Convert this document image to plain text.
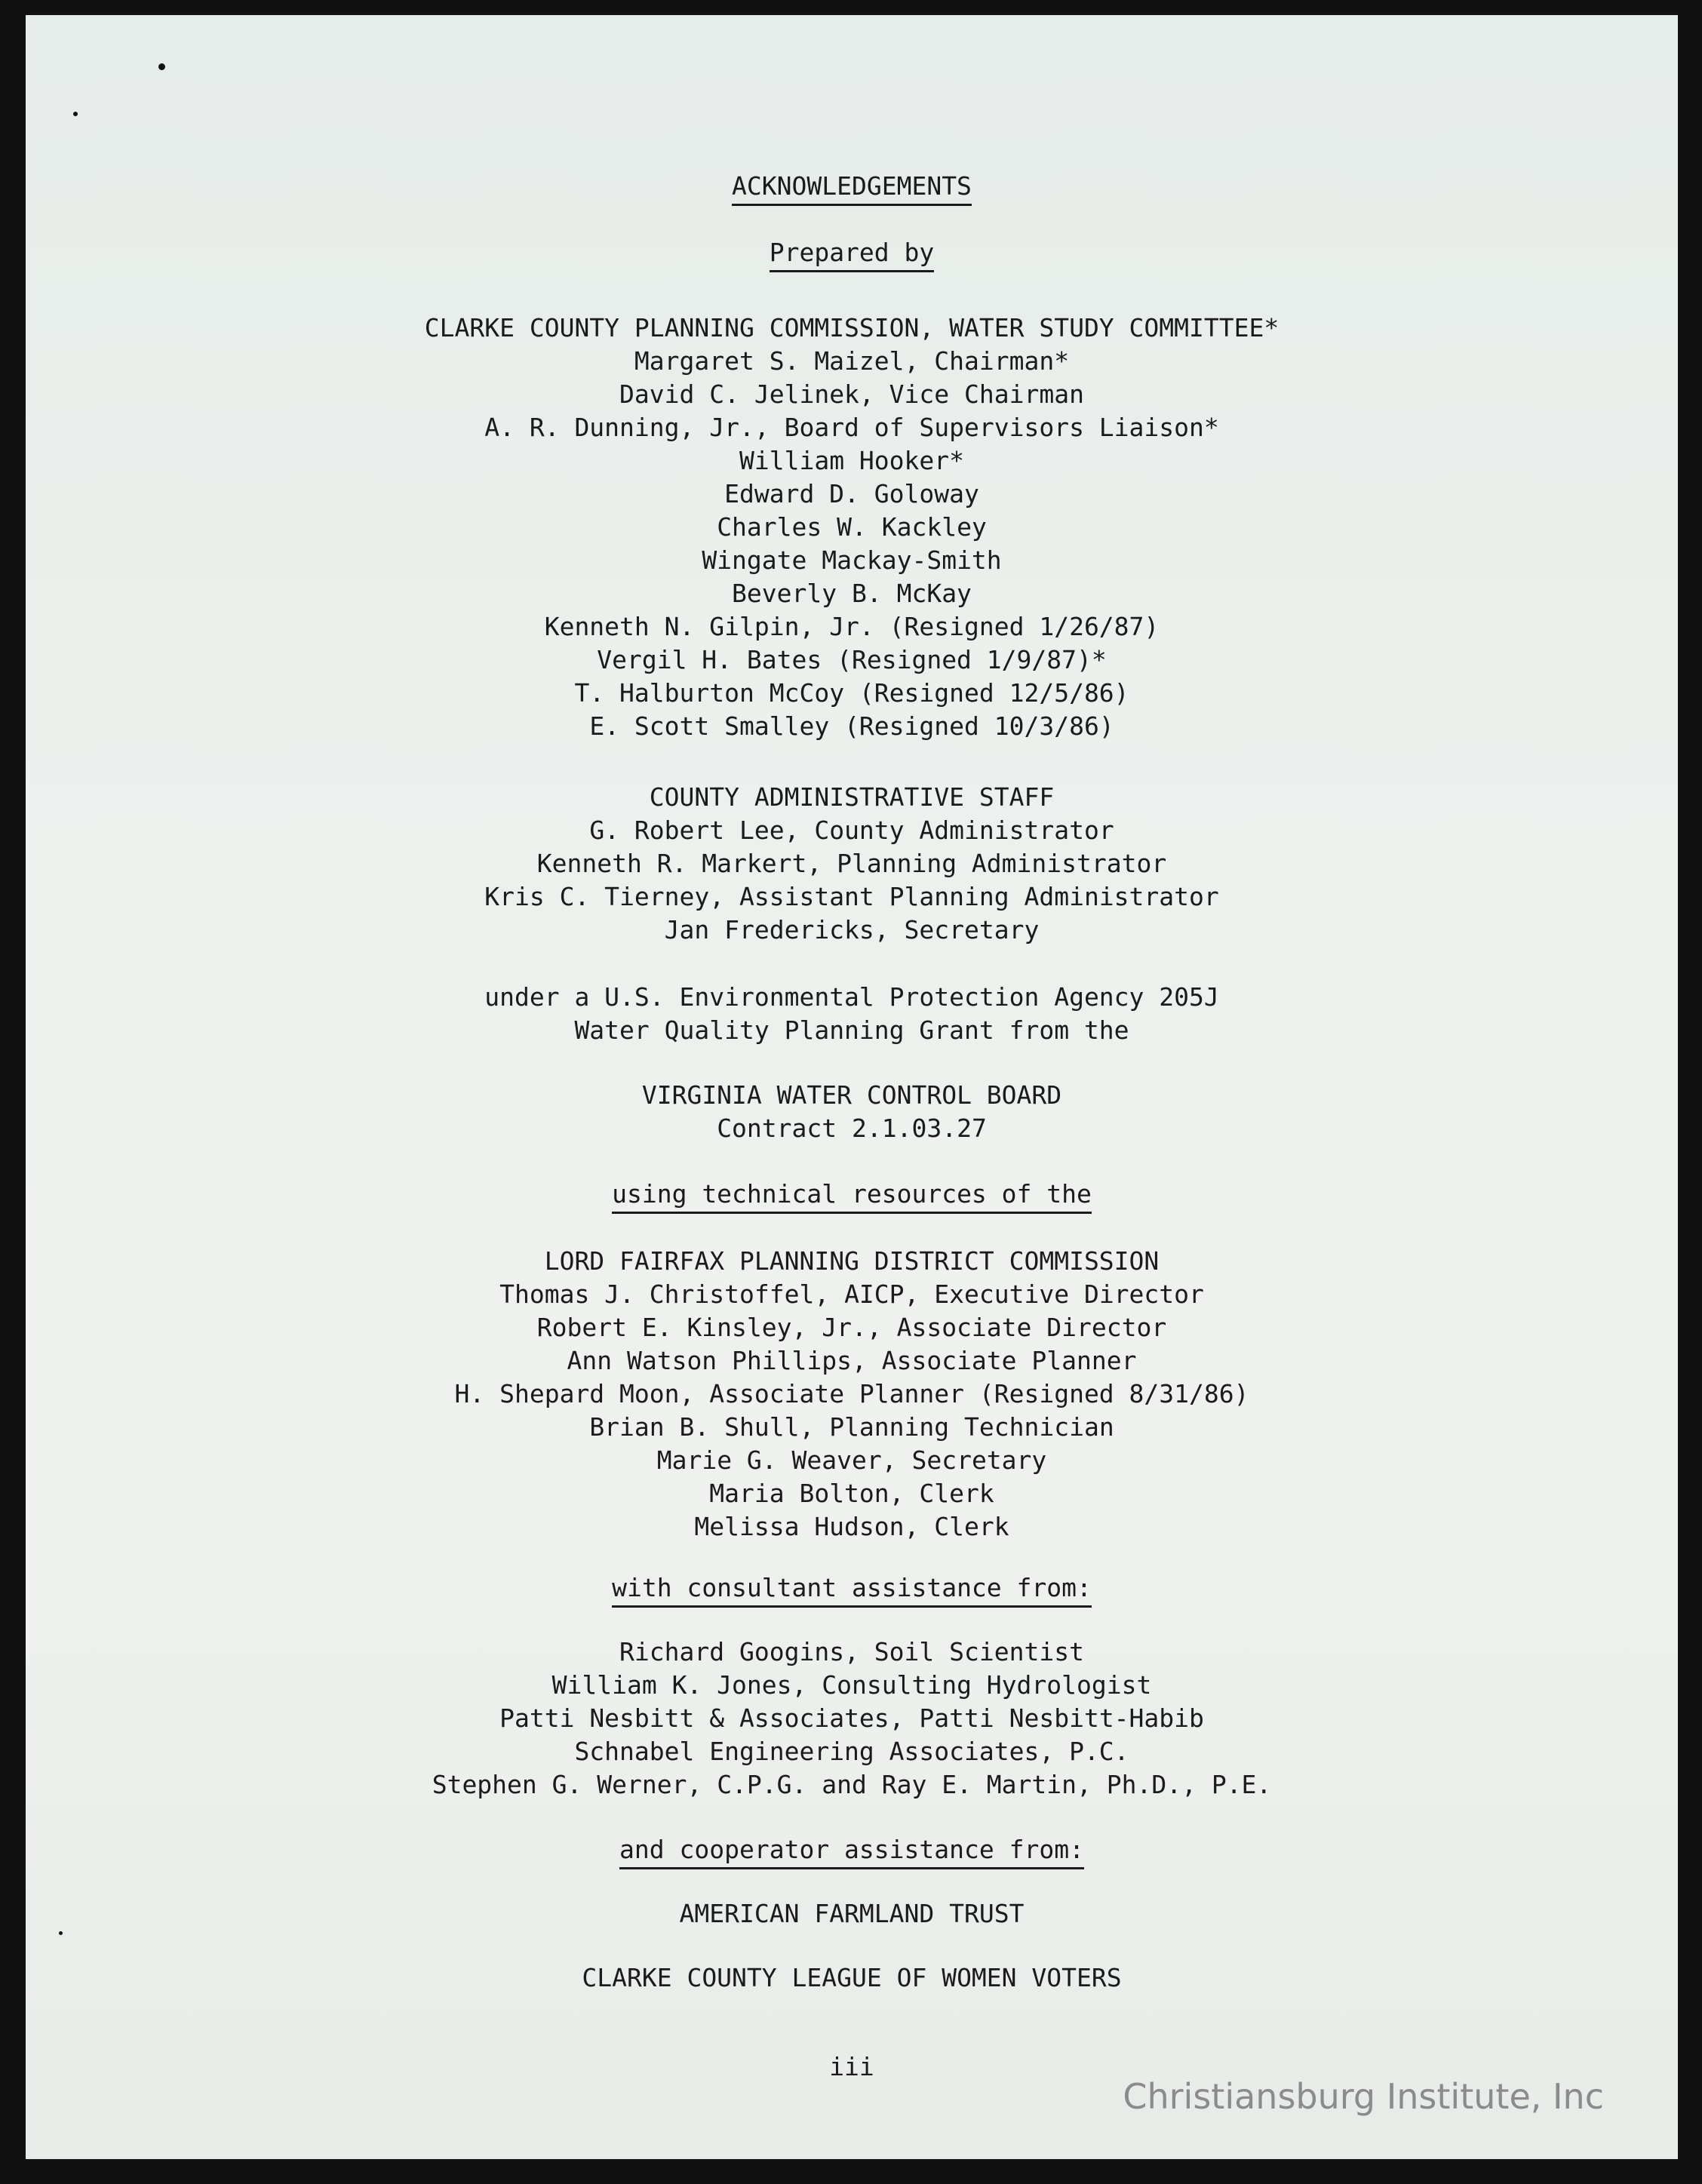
ACKNOWLEDGEMENTS
Prepared by
CLARKE COUNTY PLANNING COMMISSION, WATER STUDY COMMITTEE*
Margaret S. Maizel, Chairman*
David C. Jelinek, Vice Chairman
A. R. Dunning, Jr., Board of Supervisors Liaison*
William Hooker*
Edward D. Goloway
Charles W. Kackley
Wingate Mackay-Smith
Beverly B. McKay
Kenneth N. Gilpin, Jr. (Resigned 1/26/87)
Vergil H. Bates (Resigned 1/9/87)*
T. Halburton McCoy (Resigned 12/5/86)
E. Scott Smalley (Resigned 10/3/86)
COUNTY ADMINISTRATIVE STAFF
G. Robert Lee, County Administrator
Kenneth R. Markert, Planning Administrator
Kris C. Tierney, Assistant Planning Administrator
Jan Fredericks, Secretary
under a U.S. Environmental Protection Agency 205J
Water Quality Planning Grant from the
VIRGINIA WATER CONTROL BOARD
Contract 2.1.03.27
using technical resources of the
LORD FAIRFAX PLANNING DISTRICT COMMISSION
Thomas J. Christoffel, AICP, Executive Director
Robert E. Kinsley, Jr., Associate Director
Ann Watson Phillips, Associate Planner
H. Shepard Moon, Associate Planner (Resigned 8/31/86)
Brian B. Shull, Planning Technician
Marie G. Weaver, Secretary
Maria Bolton, Clerk
Melissa Hudson, Clerk
with consultant assistance from:
Richard Googins, Soil Scientist
William K. Jones, Consulting Hydrologist
Patti Nesbitt & Associates, Patti Nesbitt-Habib
Schnabel Engineering Associates, P.C.
Stephen G. Werner, C.P.G. and Ray E. Martin, Ph.D., P.E.
and cooperator assistance from:
AMERICAN FARMLAND TRUST
CLARKE COUNTY LEAGUE OF WOMEN VOTERS
iii
Christiansburg Institute, Inc
